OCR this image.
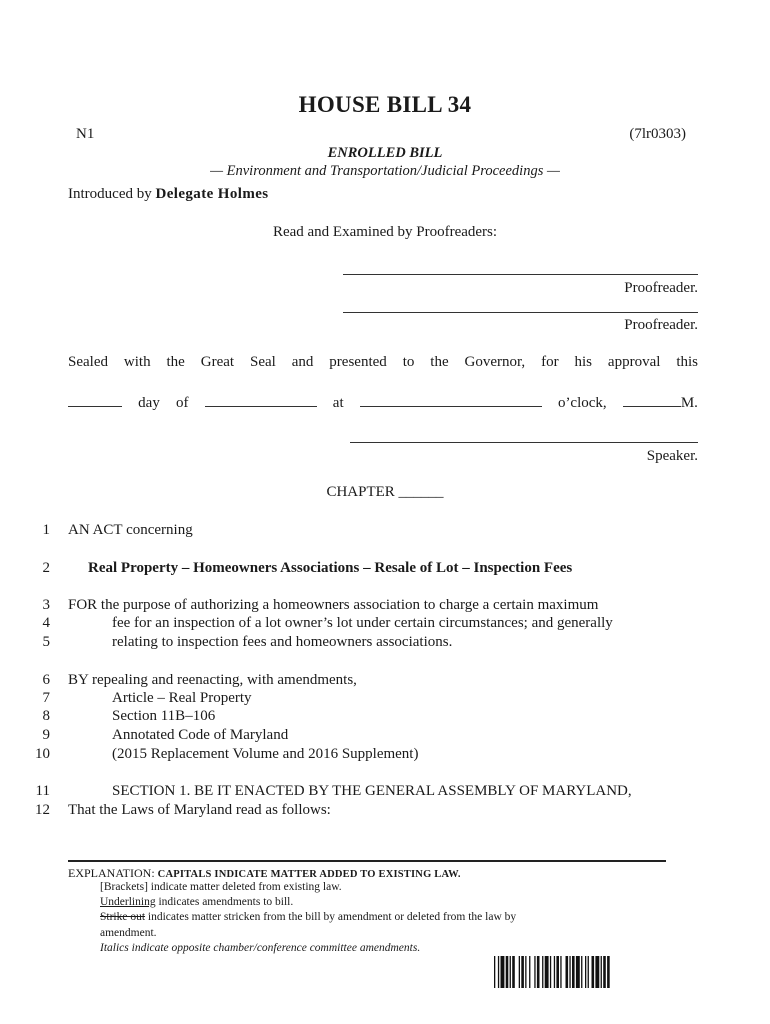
HOUSE BILL 34
N1	(7lr0303)
ENROLLED BILL
— Environment and Transportation/Judicial Proceedings —
Introduced by Delegate Holmes
Read and Examined by Proofreaders:
Proofreader.
Proofreader.
Sealed with the Great Seal and presented to the Governor, for his approval this
day of	at	o’clock,	M.
Speaker.
CHAPTER ______
1 AN ACT concerning
2	Real Property – Homeowners Associations – Resale of Lot – Inspection Fees
3 FOR the purpose of authorizing a homeowners association to charge a certain maximum
4	fee for an inspection of a lot owner’s lot under certain circumstances; and generally
5	relating to inspection fees and homeowners associations.
6 BY repealing and reenacting, with amendments,
7	Article – Real Property
8	Section 11B–106
9	Annotated Code of Maryland
10	(2015 Replacement Volume and 2016 Supplement)
11	SECTION 1. BE IT ENACTED BY THE GENERAL ASSEMBLY OF MARYLAND,
12 That the Laws of Maryland read as follows:
EXPLANATION: CAPITALS INDICATE MATTER ADDED TO EXISTING LAW.
[Brackets] indicate matter deleted from existing law.
Underlining indicates amendments to bill.
Strike out indicates matter stricken from the bill by amendment or deleted from the law by
amendment.
Italics indicate opposite chamber/conference committee amendments.
